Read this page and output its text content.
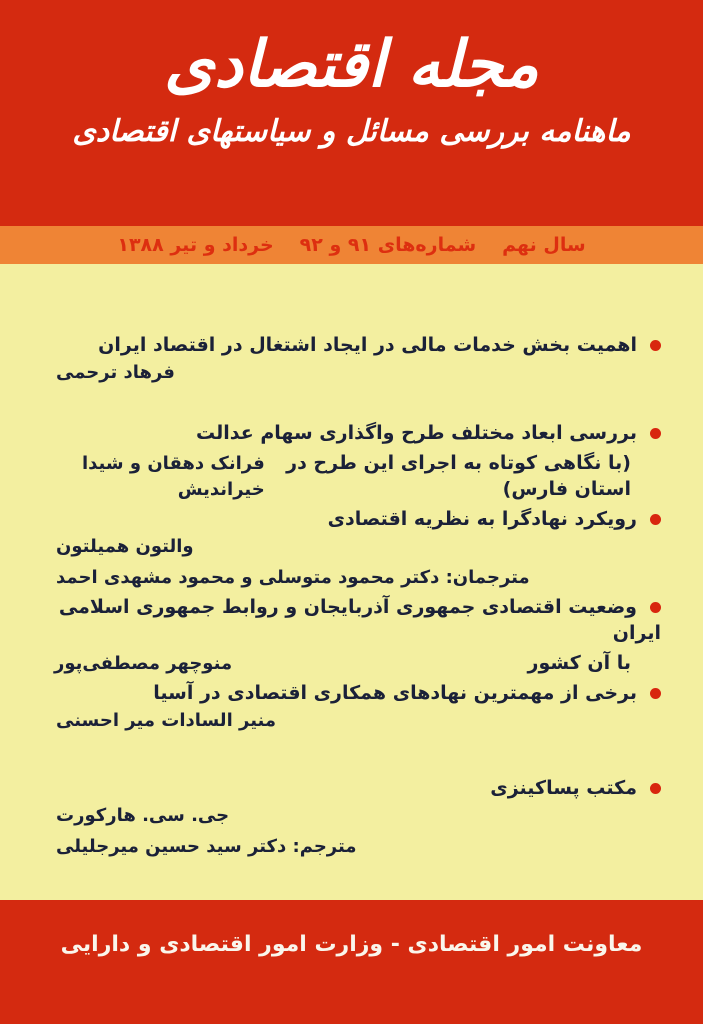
مجله اقتصادی
ماهنامه بررسی مسائل و سیاستهای اقتصادی
سال نهم
شماره‌های ۹۱ و ۹۲
خرداد و تیر ۱۳۸۸
اهمیت بخش خدمات مالی در ایجاد اشتغال در اقتصاد ایران
فرهاد ترحمی
بررسی ابعاد مختلف طرح واگذاری سهام عدالت
(با نگاهی کوتاه به اجرای این طرح در استان فارس)
فرانک دهقان و شیدا خیراندیش
رویکرد نهادگرا به نظریه اقتصادی
والتون همیلتون
مترجمان: دکتر محمود متوسلی و محمود مشهدی احمد
وضعیت اقتصادی جمهوری آذربایجان و روابط جمهوری اسلامی ایران
با آن کشور
منوچهر مصطفی‌پور
برخی از مهمترین نهادهای همکاری اقتصادی در آسیا
منیر السادات میر احسنی
مکتب پساکینزی
جی. سی. هارکورت
مترجم: دکتر سید حسین میرجلیلی
معاونت امور اقتصادی - وزارت امور اقتصادی و دارایی
